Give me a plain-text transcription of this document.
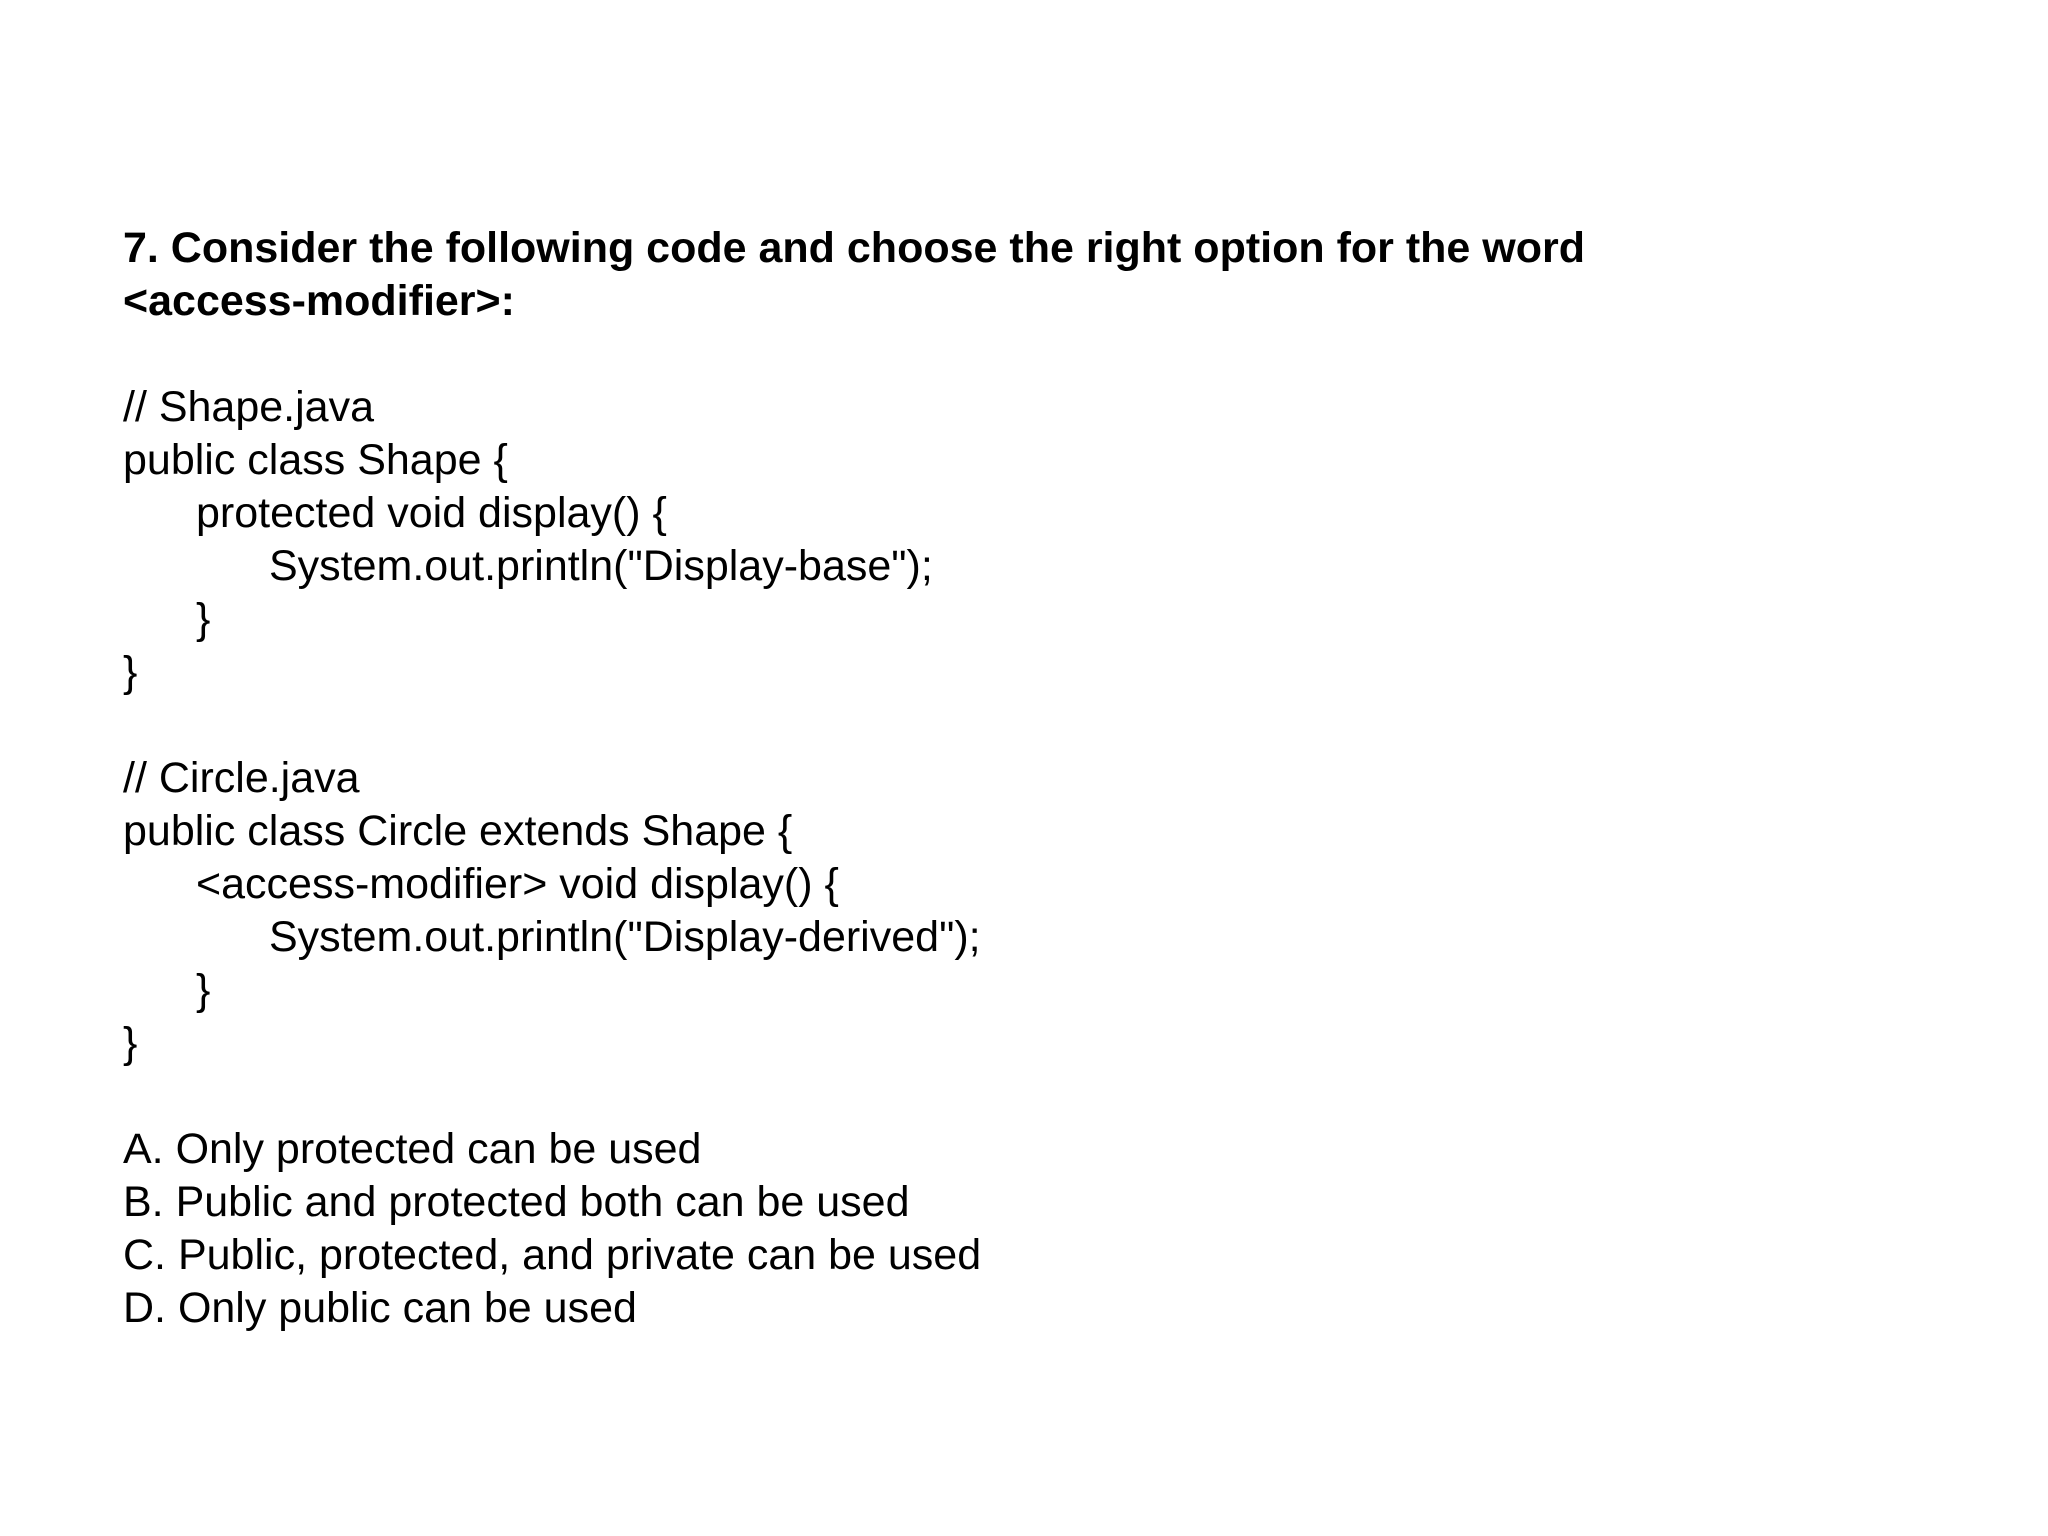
7. Consider the following code and choose the right option for the word
<access-modifier>:
// Shape.java
public class Shape {
protected void display() {
System.out.println("Display-base");
}
}
// Circle.java
public class Circle extends Shape {
<access-modifier> void display() {
System.out.println("Display-derived");
}
}
A. Only protected can be used
B. Public and protected both can be used
C. Public, protected, and private can be used
D. Only public can be used
